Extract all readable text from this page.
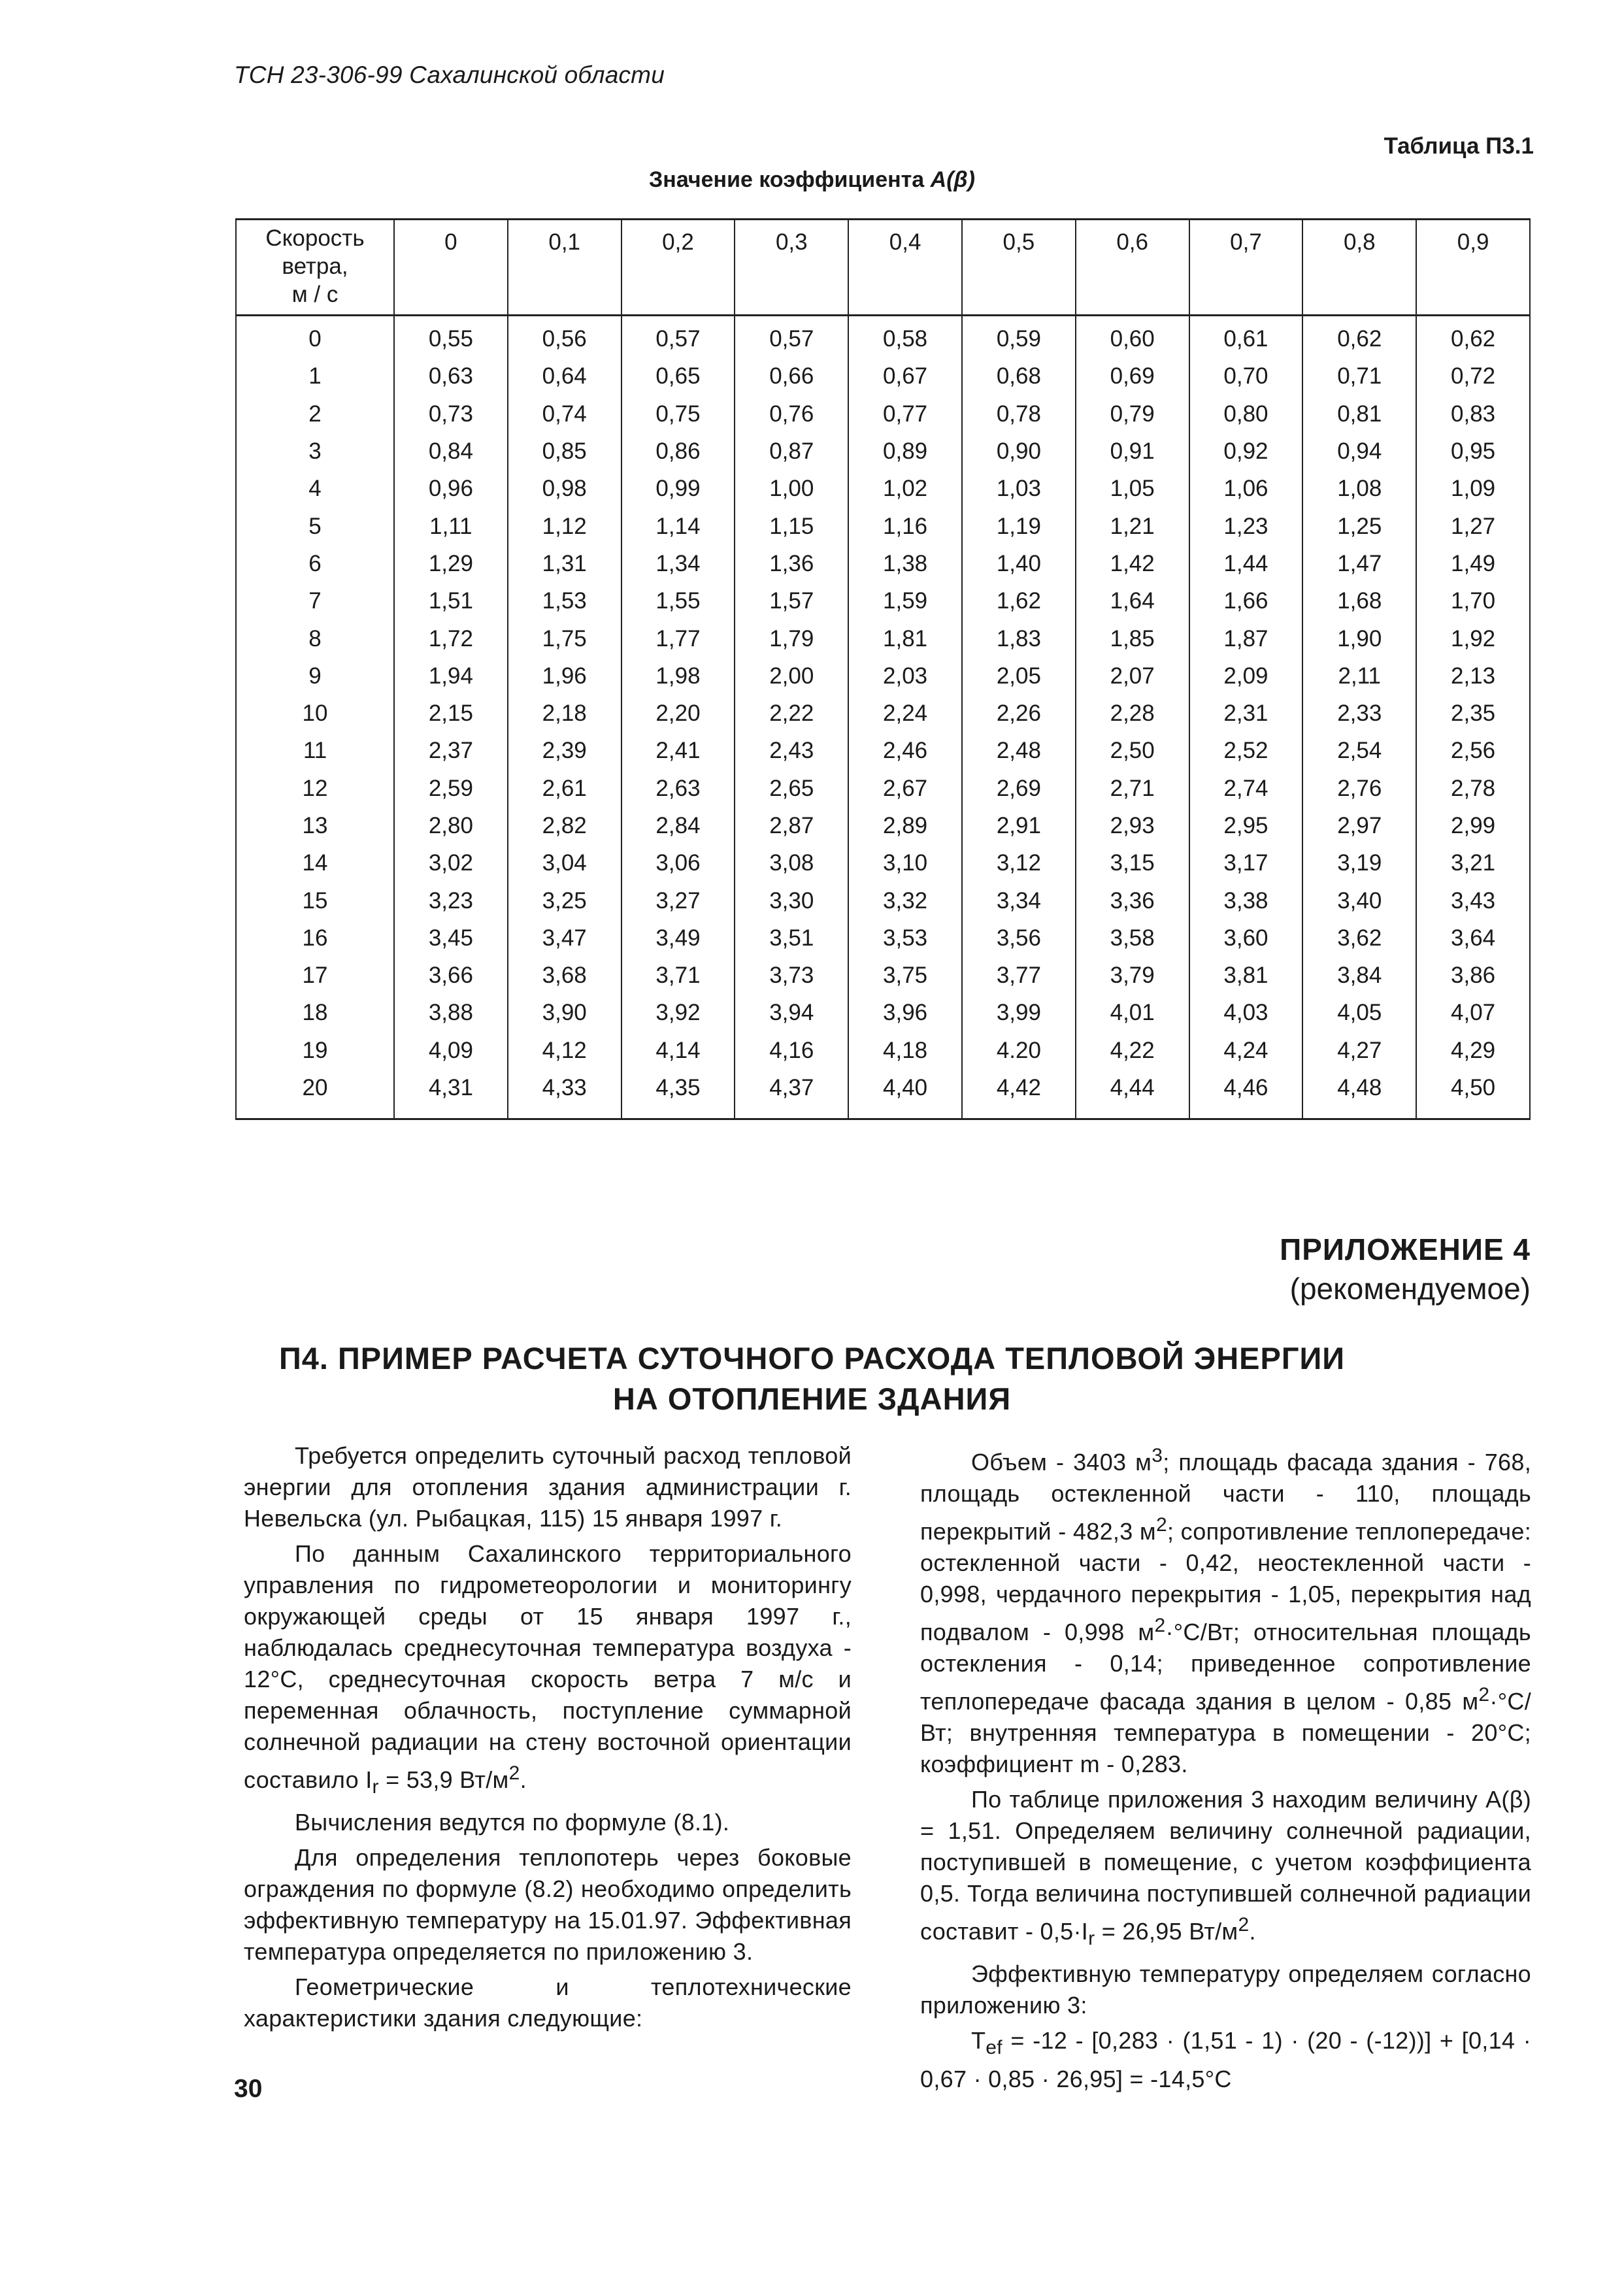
ТСН 23-306-99 Сахалинской области
Таблица П3.1
Значение коэффициента A(β)
Скорость
ветра,
м / с	0	0,1	0,2	0,3	0,4	0,5	0,6	0,7	0,8	0,9
0	0,55	0,56	0,57	0,57	0,58	0,59	0,60	0,61	0,62	0,62
1	0,63	0,64	0,65	0,66	0,67	0,68	0,69	0,70	0,71	0,72
2	0,73	0,74	0,75	0,76	0,77	0,78	0,79	0,80	0,81	0,83
3	0,84	0,85	0,86	0,87	0,89	0,90	0,91	0,92	0,94	0,95
4	0,96	0,98	0,99	1,00	1,02	1,03	1,05	1,06	1,08	1,09
5	1,11	1,12	1,14	1,15	1,16	1,19	1,21	1,23	1,25	1,27
6	1,29	1,31	1,34	1,36	1,38	1,40	1,42	1,44	1,47	1,49
7	1,51	1,53	1,55	1,57	1,59	1,62	1,64	1,66	1,68	1,70
8	1,72	1,75	1,77	1,79	1,81	1,83	1,85	1,87	1,90	1,92
9	1,94	1,96	1,98	2,00	2,03	2,05	2,07	2,09	2,11	2,13
10	2,15	2,18	2,20	2,22	2,24	2,26	2,28	2,31	2,33	2,35
11	2,37	2,39	2,41	2,43	2,46	2,48	2,50	2,52	2,54	2,56
12	2,59	2,61	2,63	2,65	2,67	2,69	2,71	2,74	2,76	2,78
13	2,80	2,82	2,84	2,87	2,89	2,91	2,93	2,95	2,97	2,99
14	3,02	3,04	3,06	3,08	3,10	3,12	3,15	3,17	3,19	3,21
15	3,23	3,25	3,27	3,30	3,32	3,34	3,36	3,38	3,40	3,43
16	3,45	3,47	3,49	3,51	3,53	3,56	3,58	3,60	3,62	3,64
17	3,66	3,68	3,71	3,73	3,75	3,77	3,79	3,81	3,84	3,86
18	3,88	3,90	3,92	3,94	3,96	3,99	4,01	4,03	4,05	4,07
19	4,09	4,12	4,14	4,16	4,18	4.20	4,22	4,24	4,27	4,29
20	4,31	4,33	4,35	4,37	4,40	4,42	4,44	4,46	4,48	4,50
ПРИЛОЖЕНИЕ 4
(рекомендуемое)
П4. ПРИМЕР РАСЧЕТА СУТОЧНОГО РАСХОДА ТЕПЛОВОЙ ЭНЕРГИИ
НА ОТОПЛЕНИЕ ЗДАНИЯ

Требуется определить суточный расход тепловой энергии для отопления здания администрации г. Невельска (ул. Рыбацкая, 115) 15 января 1997 г.

По данным Сахалинского территориального управления по гидрометеорологии и мониторингу окружающей среды от 15 января 1997 г., наблюдалась среднесуточная температура воздуха - 12°С, среднесуточная скорость ветра 7 м/с и переменная облачность, поступление суммарной солнечной радиации на стену восточной ориентации составило $I_r = 53,9$ $Вт/м^2$.

Вычисления ведутся по формуле (8.1).

Для определения теплопотерь через боковые ограждения по формуле (8.2) необходимо определить эффективную температуру на 15.01.97. Эффективная температура определяется по приложению 3.

Геометрические и теплотехнические характеристики здания следующие:

Объем - 3403 $м^3$; площадь фасада здания - 768, площадь остекленной части - 110, площадь перекрытий - 482,3 $м^2$; сопротивление теплопередаче: остекленной части - 0,42, неостекленной части - 0,998, чердачного перекрытия - 1,05, перекрытия над подвалом - 0,998 $м^2\cdot^\circ С/Вт$; относительная площадь остекления - 0,14; приведенное сопротивление теплопередаче фасада здания в целом - 0,85 $м^2\cdot^\circ С/Вт$; внутренняя температура в помещении - 20°С; коэффициент m - 0,283.

По таблице приложения 3 находим величину A(β) = 1,51. Определяем величину солнечной радиации, поступившей в помещение, с учетом коэффициента 0,5. Тогда величина поступившей солнечной радиации составит - $0,5\cdot I_r = 26,95$ $Вт/м^2$.

Эффективную температуру определяем согласно приложению 3:

$T_{ef} = -12 - [0,283 \cdot (1,51 - 1) \cdot (20 - (-12))] + [0,14 \cdot 0,67 \cdot 0,85 \cdot 26,95] = -14,5^\circ С$

30
